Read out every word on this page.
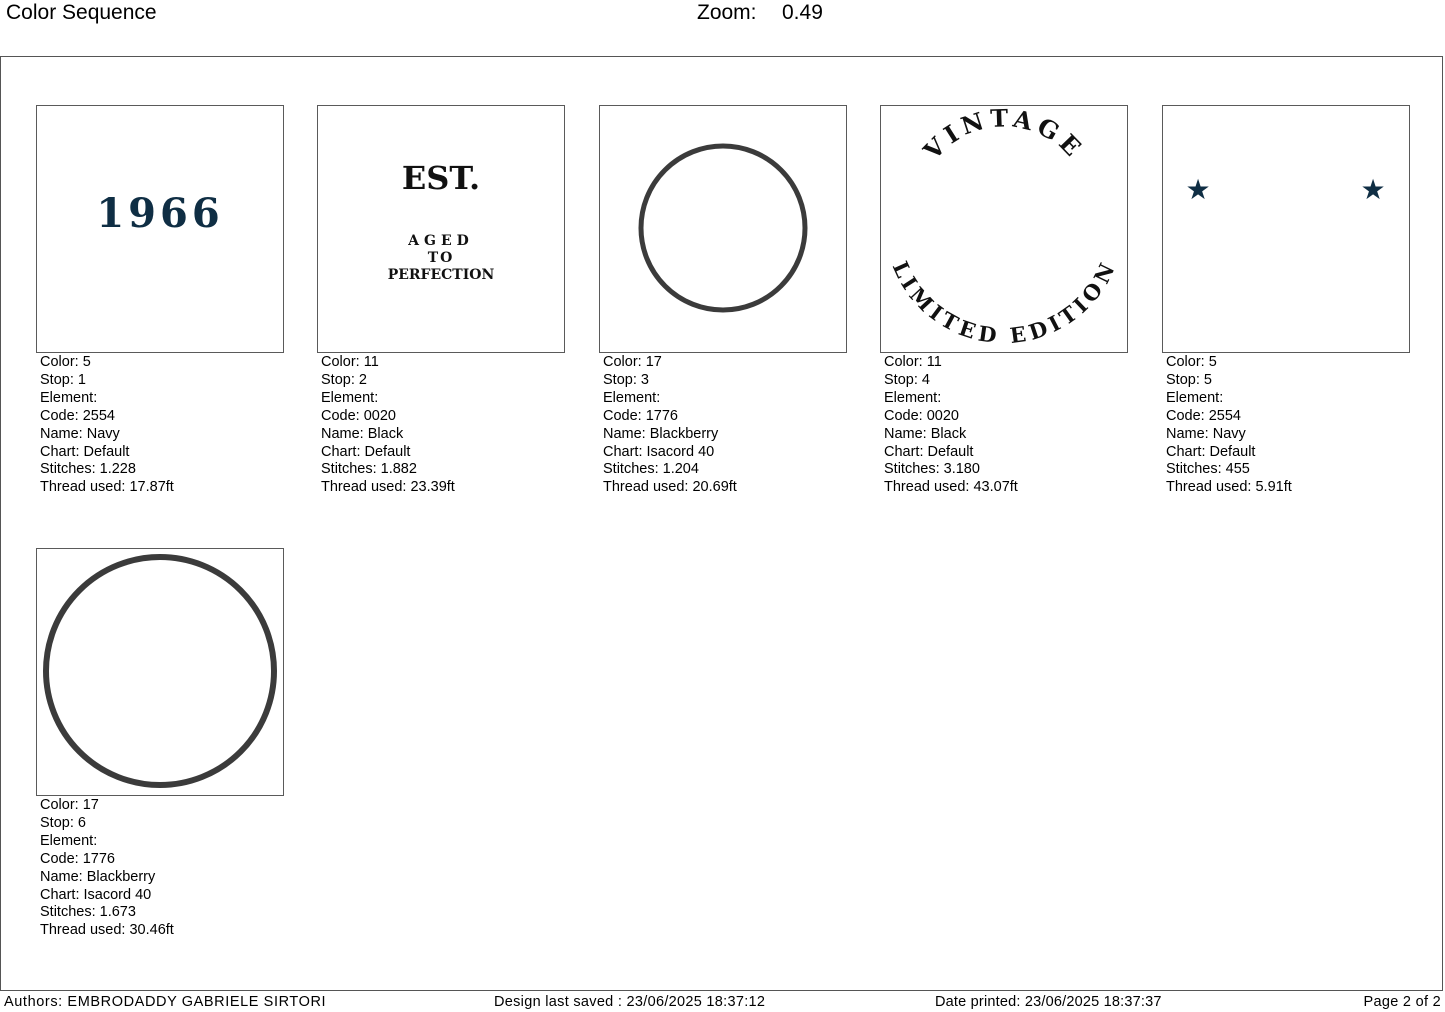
Color Sequence	Zoom: 0.49
1966
Color: 5
Stop: 1
Element:
Code: 2554
Name: Navy
Chart: Default
Stitches: 1.228
Thread used: 17.87ft
EST.
AGED
TO
PERFECTION
Color: 11
Stop: 2
Element:
Code: 0020
Name: Black
Chart: Default
Stitches: 1.882
Thread used: 23.39ft
Color: 17
Stop: 3
Element:
Code: 1776
Name: Blackberry
Chart: Isacord 40
Stitches: 1.204
Thread used: 20.69ft
VINTAGE
LIMITED EDITION
Color: 11
Stop: 4
Element:
Code: 0020
Name: Black
Chart: Default
Stitches: 3.180
Thread used: 43.07ft
★	★
Color: 5
Stop: 5
Element:
Code: 2554
Name: Navy
Chart: Default
Stitches: 455
Thread used: 5.91ft
Color: 17
Stop: 6
Element:
Code: 1776
Name: Blackberry
Chart: Isacord 40
Stitches: 1.673
Thread used: 30.46ft
Authors: EMBRODADDY GABRIELE SIRTORI	Design last saved : 23/06/2025 18:37:12	Date printed: 23/06/2025 18:37:37	Page 2 of 2
